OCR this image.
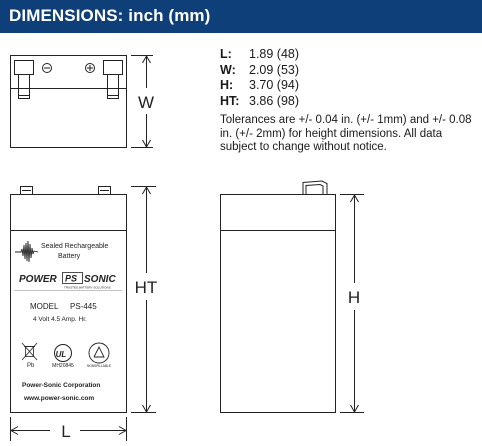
DIMENSIONS: inch (mm)
L: 1.89 (48)
W: 2.09 (53)
H: 3.70 (94)
HT: 3.86 (98)
Tolerances are +/- 0.04 in. (+/- 1mm) and +/- 0.08 in. (+/- 2mm) for height dimensions. All data subject to change without notice.
W
HT
H
L
Sealed Rechargeable
Battery
POWER PS SONIC
TRUSTED BATTERY SOLUTIONS
MODEL PS-445
4 Volt 4.5 Amp. Hr.
Pb
UL
MH20845	NONSPILLABLE
Power-Sonic Corporation
www.power-sonic.com
